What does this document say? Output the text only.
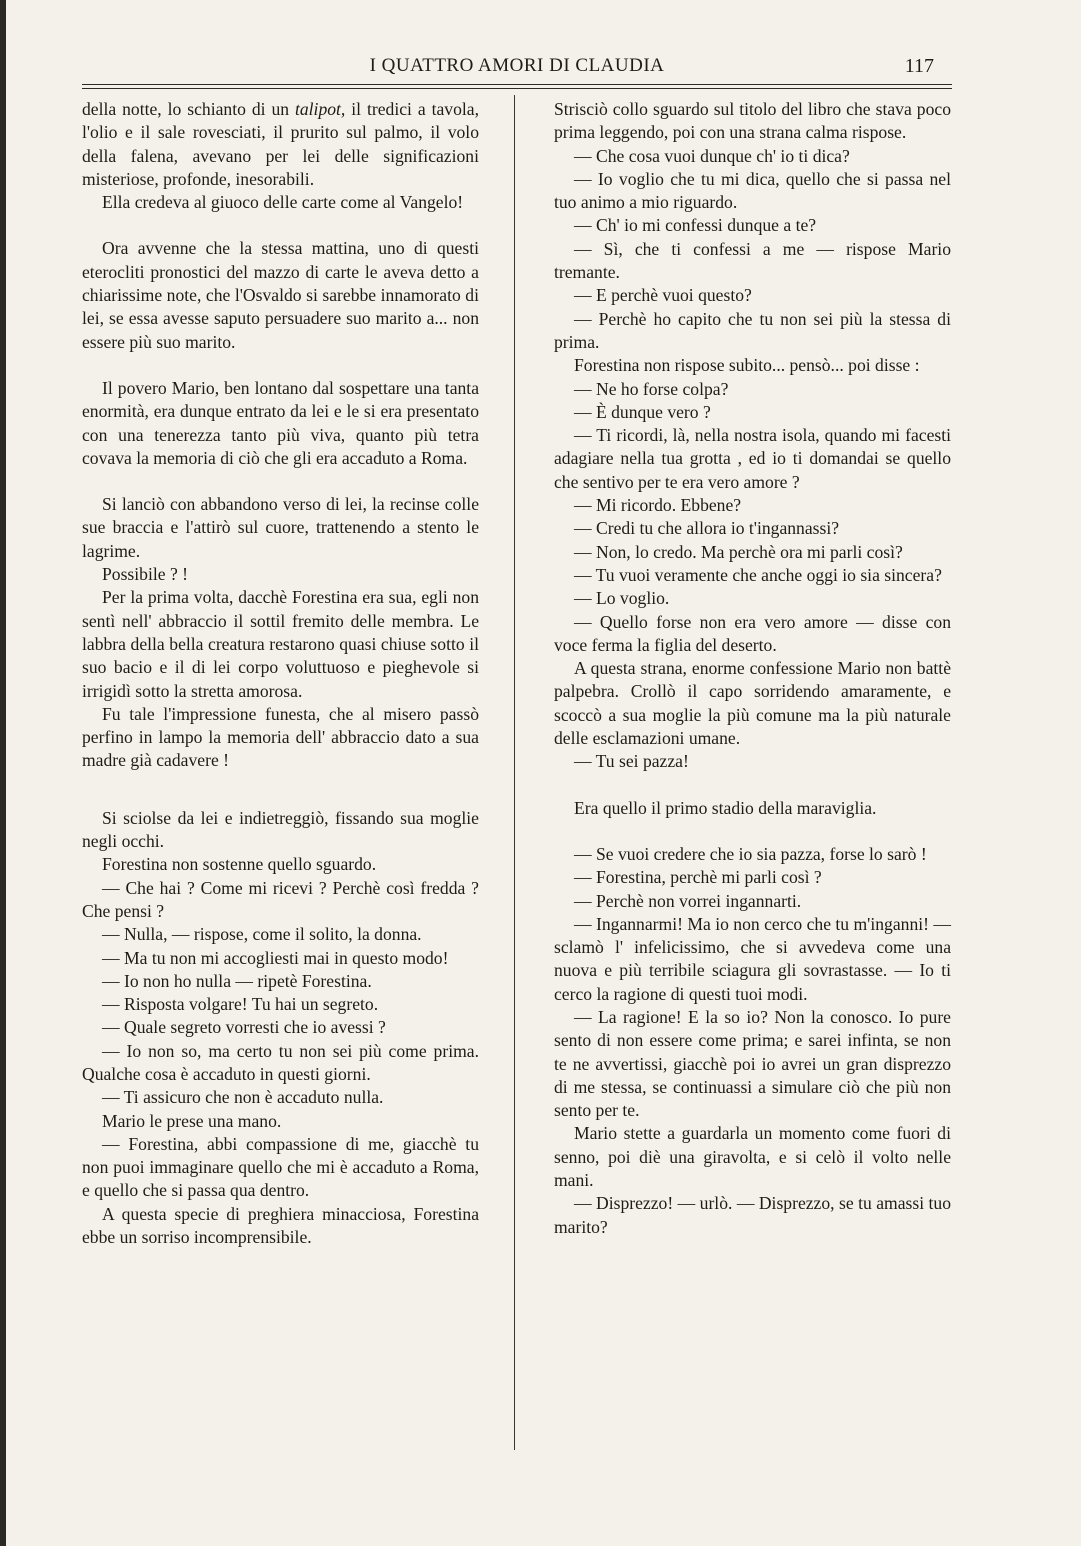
I QUATTRO AMORI DI CLAUDIA	117

della notte, lo schianto di un talipot, il tredici a tavola, l'olio e il sale rovesciati, il prurito sul palmo, il volo della falena, avevano per lei delle significazioni misteriose, profonde, inesorabili.

Ella credeva al giuoco delle carte come al Vangelo!

Ora avvenne che la stessa mattina, uno di questi eterocliti pronostici del mazzo di carte le aveva detto a chiarissime note, che l'Osvaldo si sarebbe innamorato di lei, se essa avesse saputo persuadere suo marito a... non essere più suo marito.

Il povero Mario, ben lontano dal sospettare una tanta enormità, era dunque entrato da lei e le si era presentato con una tenerezza tanto più viva, quanto più tetra covava la memoria di ciò che gli era accaduto a Roma.

Si lanciò con abbandono verso di lei, la recinse colle sue braccia e l'attirò sul cuore, trattenendo a stento le lagrime.

Possibile ? !

Per la prima volta, dacchè Forestina era sua, egli non sentì nell' abbraccio il sottil fremito delle membra. Le labbra della bella creatura restarono quasi chiuse sotto il suo bacio e il di lei corpo voluttuoso e pieghevole si irrigidì sotto la stretta amorosa.

Fu tale l'impressione funesta, che al misero passò perfino in lampo la memoria dell' abbraccio dato a sua madre già cadavere !

Si sciolse da lei e indietreggiò, fissando sua moglie negli occhi.

Forestina non sostenne quello sguardo.

— Che hai ? Come mi ricevi ? Perchè così fredda ? Che pensi ?

— Nulla, — rispose, come il solito, la donna.

— Ma tu non mi accogliesti mai in questo modo!

— Io non ho nulla — ripetè Forestina.

— Risposta volgare! Tu hai un segreto.

— Quale segreto vorresti che io avessi ?

— Io non so, ma certo tu non sei più come prima. Qualche cosa è accaduto in questi giorni.

— Ti assicuro che non è accaduto nulla.

Mario le prese una mano.

— Forestina, abbi compassione di me, giacchè tu non puoi immaginare quello che mi è accaduto a Roma, e quello che si passa qua dentro.

A questa specie di preghiera minacciosa, Forestina ebbe un sorriso incomprensibile.

Strisciò collo sguardo sul titolo del libro che stava poco prima leggendo, poi con una strana calma rispose.

— Che cosa vuoi dunque ch' io ti dica?

— Io voglio che tu mi dica, quello che si passa nel tuo animo a mio riguardo.

— Ch' io mi confessi dunque a te?

— Sì, che ti confessi a me — rispose Mario tremante.

— E perchè vuoi questo?

— Perchè ho capito che tu non sei più la stessa di prima.

Forestina non rispose subito... pensò... poi disse :

— Ne ho forse colpa?

— È dunque vero ?

— Ti ricordi, là, nella nostra isola, quando mi facesti adagiare nella tua grotta , ed io ti domandai se quello che sentivo per te era vero amore ?

— Mi ricordo. Ebbene?

— Credi tu che allora io t'ingannassi?

— Non, lo credo. Ma perchè ora mi parli così?

— Tu vuoi veramente che anche oggi io sia sincera?

— Lo voglio.

— Quello forse non era vero amore — disse con voce ferma la figlia del deserto.

A questa strana, enorme confessione Mario non battè palpebra. Crollò il capo sorridendo amaramente, e scoccò a sua moglie la più comune ma la più naturale delle esclamazioni umane.

— Tu sei pazza!

Era quello il primo stadio della maraviglia.

— Se vuoi credere che io sia pazza, forse lo sarò !

— Forestina, perchè mi parli così ?

— Perchè non vorrei ingannarti.

— Ingannarmi! Ma io non cerco che tu m'inganni! — sclamò l' infelicissimo, che si avvedeva come una nuova e più terribile sciagura gli sovrastasse. — Io ti cerco la ragione di questi tuoi modi.

— La ragione! E la so io? Non la conosco. Io pure sento di non essere come prima; e sarei infinta, se non te ne avvertissi, giacchè poi io avrei un gran disprezzo di me stessa, se continuassi a simulare ciò che più non sento per te.

Mario stette a guardarla un momento come fuori di senno, poi diè una giravolta, e si celò il volto nelle mani.

— Disprezzo! — urlò. — Disprezzo, se tu amassi tuo marito?
